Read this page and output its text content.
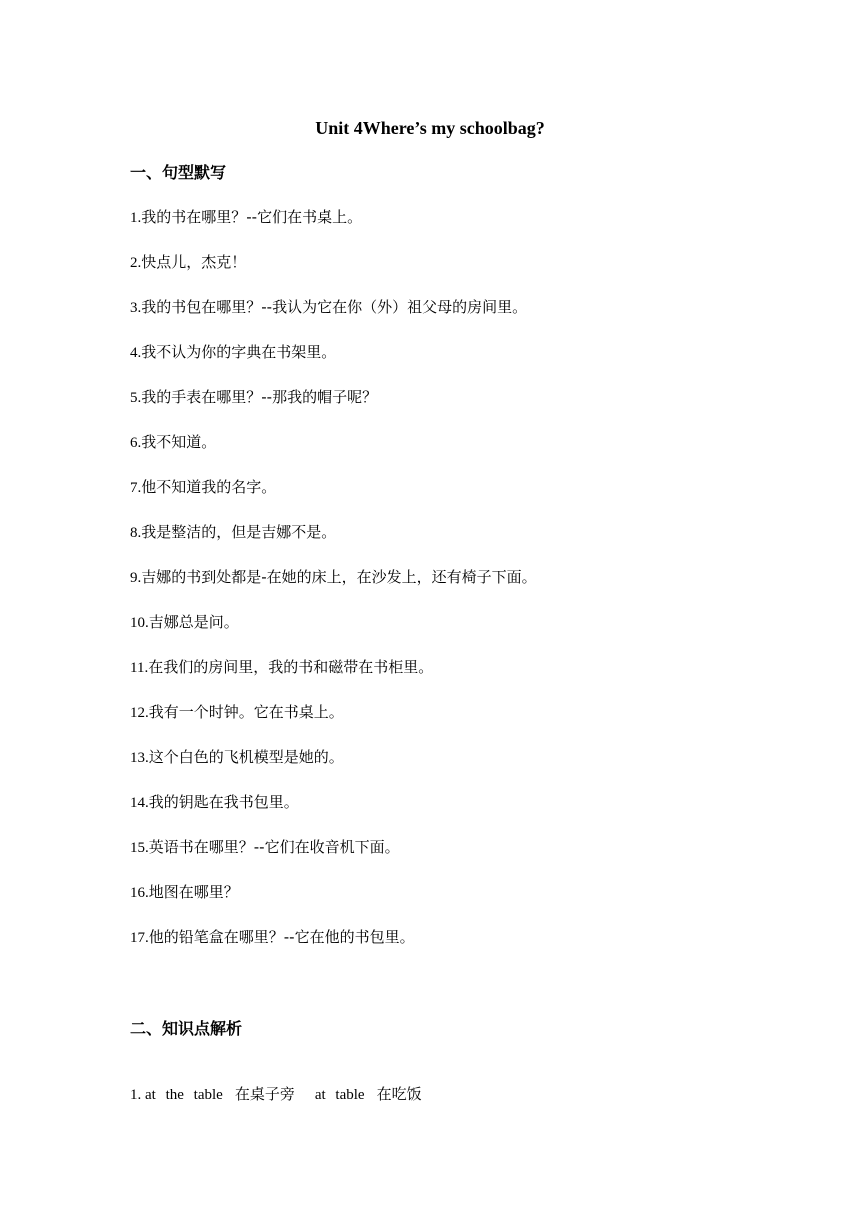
Unit 4Where’s my schoolbag?
一、句型默写
1.我的书在哪里？--它们在书桌上。
2.快点儿，杰克！
3.我的书包在哪里？--我认为它在你（外）祖父母的房间里。
4.我不认为你的字典在书架里。
5.我的手表在哪里？--那我的帽子呢？
6.我不知道。
7.他不知道我的名字。
8.我是整洁的，但是吉娜不是。
9.吉娜的书到处都是-在她的床上，在沙发上，还有椅子下面。
10.吉娜总是问。
11.在我们的房间里，我的书和磁带在书柜里。
12.我有一个时钟。它在书桌上。
13.这个白色的飞机模型是她的。
14.我的钥匙在我书包里。
15.英语书在哪里？--它们在收音机下面。
16.地图在哪里？
17.他的铅笔盒在哪里？--它在他的书包里。
二、知识点解析
1. at the table 在桌子旁 at table 在吃饭
